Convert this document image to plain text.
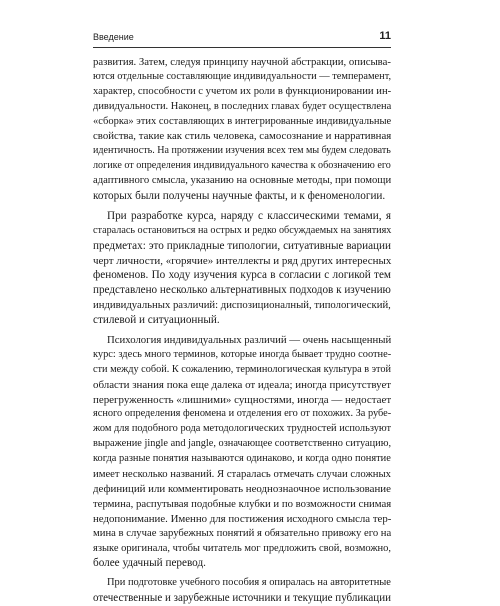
Введение	11
развития. Затем, следуя принципу научной абстракции, описыва-
ются отдельные составляющие индивидуальности — темперамент,
характер, способности с учетом их роли в функционировании ин-
дивидуальности. Наконец, в последних главах будет осуществлена
«сборка» этих составляющих в интегрированные индивидуальные
свойства, такие как стиль человека, самосознание и нарративная
идентичность. На протяжении изучения всех тем мы будем следовать
логике от определения индивидуального качества к обозначению его
адаптивного смысла, указанию на основные методы, при помощи
которых были получены научные факты, и к феноменологии.
При разработке курса, наряду с классическими темами, я
старалась остановиться на острых и редко обсуждаемых на занятиях
предметах: это прикладные типологии, ситуативные вариации
черт личности, «горячие» интеллекты и ряд других интересных
феноменов. По ходу изучения курса в согласии с логикой тем
представлено несколько альтернативных подходов к изучению
индивидуальных различий: диспозиционалный, типологический,
стилевой и ситуационный.
Психология индивидуальных различий — очень насыщенный
курс: здесь много терминов, которые иногда бывает трудно соотне-
сти между собой. К сожалению, терминологическая культура в этой
области знания пока еще далека от идеала; иногда присутствует
перегруженность «лишними» сущностями, иногда — недостает
ясного определения феномена и отделения его от похожих. За рубе-
жом для подобного рода методологических трудностей используют
выражение jingle and jangle, означающее соответственно ситуацию,
когда разные понятия называются одинаково, и когда одно понятие
имеет несколько названий. Я старалась отмечать случаи сложных
дефиниций или комментировать неоднознаочное использование
термина, распутывая подобные клубки и по возможности снимая
недопонимание. Именно для постижения исходного смысла тер-
мина в случае зарубежных понятий я обязательно привожу его на
языке оригинала, чтобы читатель мог предложить свой, возможно,
более удачный перевод.
При подготовке учебного пособия я опиралась на авторитетные
отечественные и зарубежные источники и текущие публикации
